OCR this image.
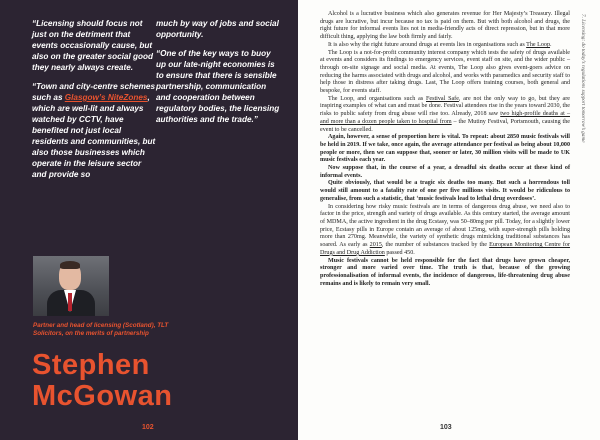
“Licensing should focus not just on the detriment that events occasionally cause, but also on the greater social good they nearly always create.

“Town and city-centre schemes such as Glasgow’s NiteZones, which are well-lit and always watched by CCTV, have benefited not just local residents and communities, but also those businesses which operate in the leisure sector and provide so

much by way of jobs and social opportunity.

“One of the key ways to buoy up our late-night economies is to ensure that there is sensible partnership, communication and cooperation between regulatory bodies, the licensing authorities and the trade.”

Partner and head of licensing (Scotland), TLT Solicitors, on the merits of partnership
Stephen
McGowan
102

Alcohol is a lucrative business which also generates revenue for Her Majesty’s Treasury. Illegal drugs are lucrative, but incur because no tax is paid on them. But with both alcohol and drugs, the right future for informal events lies not in media-friendly acts of direct repression, but in that more difficult thing, applying the law both firmly and fairly.

It is also why the right future around drugs at events lies in organisations such as The Loop.

The Loop is a not-for-profit community interest company which tests the safety of drugs available at events and considers its findings to emergency services, event staff on site, and the wider public – through on-site signage and social media. At events, The Loop also gives event-goers advice on reducing the harms associated with drugs and alcohol, and works with paramedics and security staff to help those in distress after taking drugs. Last, The Loop offers training courses, both general and bespoke, for events staff.

The Loop, and organisations such as Festival Safe, are not the only way to go, but they are inspiring examples of what can and must be done. Festival attendees rise in the years toward 2030, the risks to public safety from drug abuse will rise too. Already, 2018 saw two high-profile deaths at – and more than a dozen people taken to hospital from – the Mutiny Festival, Portsmouth, causing the event to be cancelled.

Again, however, a sense of proportion here is vital. To repeat: about 2850 music festivals will be held in 2019. If we take, once again, the average attendance per festival as being about 10,000 people or more, then we can suppose that, sooner or later, 30 million visits will be made to UK music festivals each year.

Now suppose that, in the course of a year, a dreadful six deaths occur at these kind of informal events.

Quite obviously, that would be a tragic six deaths too many. But such a horrendous toll would still amount to a fatality rate of one per five millions visits. It would be ridiculous to generalise, from such a statistic, that ‘music festivals lead to lethal drug overdoses’.

In considering how risky music festivals are in terms of dangerous drug abuse, we need also to factor in the price, strength and variety of drugs available. As this century started, the average amount of MDMA, the active ingredient in the drug Ecstasy, was 50–80mg per pill. Today, for a slightly lower price, Ecstasy pills in Europe contain an average of about 125mg, with super-strength pills holding more than 270mg. Meanwhile, the variety of synthetic drugs mimicking traditional substances has soared. As early as 2015, the number of substances tracked by the European Monitoring Centre for Drugs and Drug Addiction passed 450.

Music festivals cannot be held responsible for the fact that drugs have grown cheaper, stronger and more varied over time. The truth is that, because of the growing professionalisation of informal events, the incidence of dangerous, life-threatening drug abuse remains and is likely to remain very small.

7. Licensing: do today’s regulations support tomorrow’s game
103
